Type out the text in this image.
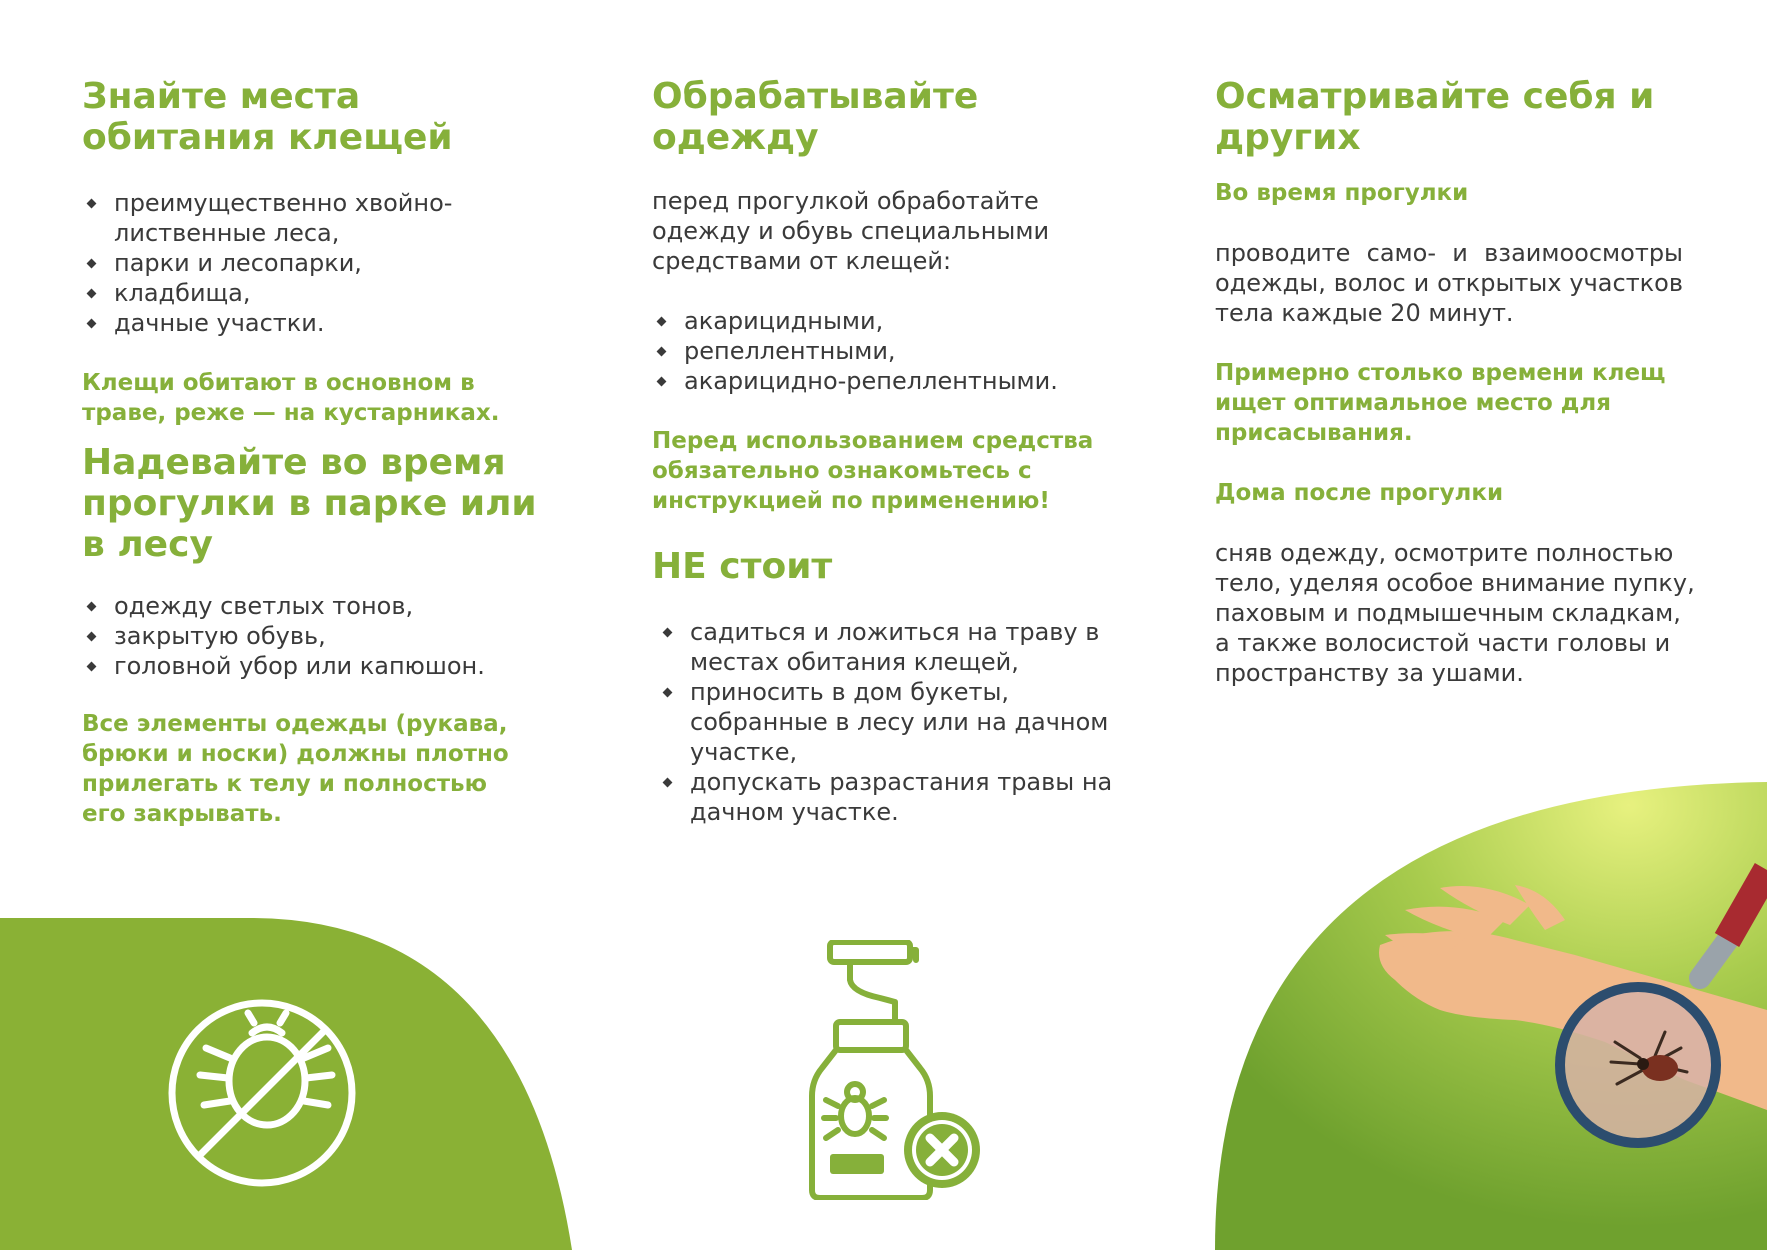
Знайте места обитания клещей
преимущественно хвойно-лиственные леса,
парки и лесопарки,
кладбища,
дачные участки.

Клещи обитают в основном в траве, реже — на кустарниках.

Надевайте во время прогулки в парке или в лесу
одежду светлых тонов,
закрытую обувь,
головной убор или капюшон.

Все элементы одежды (рукава, брюки и носки) должны плотно прилегать к телу и полностью его закрывать.

Обрабатывайте одежду

перед прогулкой обработайте одежду и обувь специальными средствами от клещей:

акарицидными,
репеллентными,
акарицидно-репеллентными.

Перед использованием средства обязательно ознакомьтесь с инструкцией по применению!

НЕ стоит
садиться и ложиться на траву в местах обитания клещей,
приносить в дом букеты, собранные в лесу или на дачном участке,
допускать разрастания травы на дачном участке.
Осматривайте себя и других

Во время прогулки

проводите само- и взаимоосмотры одежды, волос и открытых участков тела каждые 20 минут.

Примерно столько времени клещ ищет оптимальное место для присасывания.

Дома после прогулки

сняв одежду, осмотрите полностью тело, уделяя особое внимание пупку, паховым и подмышечным складкам, а также волосистой части головы и пространству за ушами.
